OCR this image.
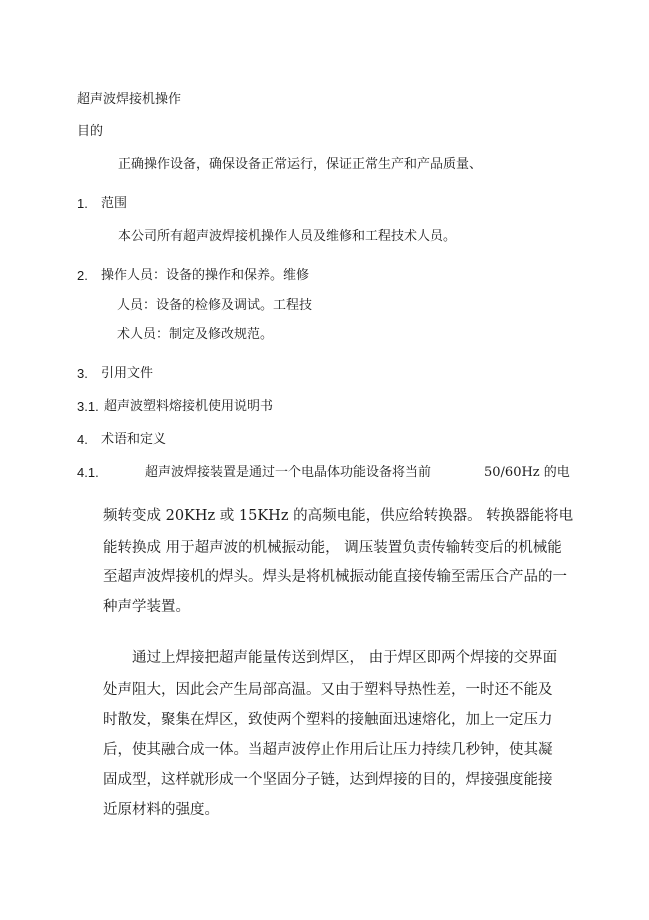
超声波焊接机操作
目的
正确操作设备，确保设备正常运行，保证正常生产和产品质量、
1. 范围
本公司所有超声波焊接机操作人员及维修和工程技术人员。
2. 操作人员：设备的操作和保养。维修
人员：设备的检修及调试。工程技
术人员：制定及修改规范。
3. 引用文件
3.1. 超声波塑料熔接机使用说明书
4. 术语和定义
4.1.	超声波焊接装置是通过一个电晶体功能设备将当前	50/60Hz 的电
频转变成 20KHz 或 15KHz 的高频电能，供应给转换器。 转换器能将电
能转换成 用于超声波的机械振动能， 调压装置负责传输转变后的机械能
至超声波焊接机的焊头。焊头是将机械振动能直接传输至需压合产品的一
种声学装置。
通过上焊接把超声能量传送到焊区， 由于焊区即两个焊接的交界面
处声阻大，因此会产生局部高温。又由于塑料导热性差，一时还不能及
时散发，聚集在焊区，致使两个塑料的接触面迅速熔化，加上一定压力
后，使其融合成一体。当超声波停止作用后让压力持续几秒钟，使其凝
固成型，这样就形成一个坚固分子链，达到焊接的目的，焊接强度能接
近原材料的强度。
